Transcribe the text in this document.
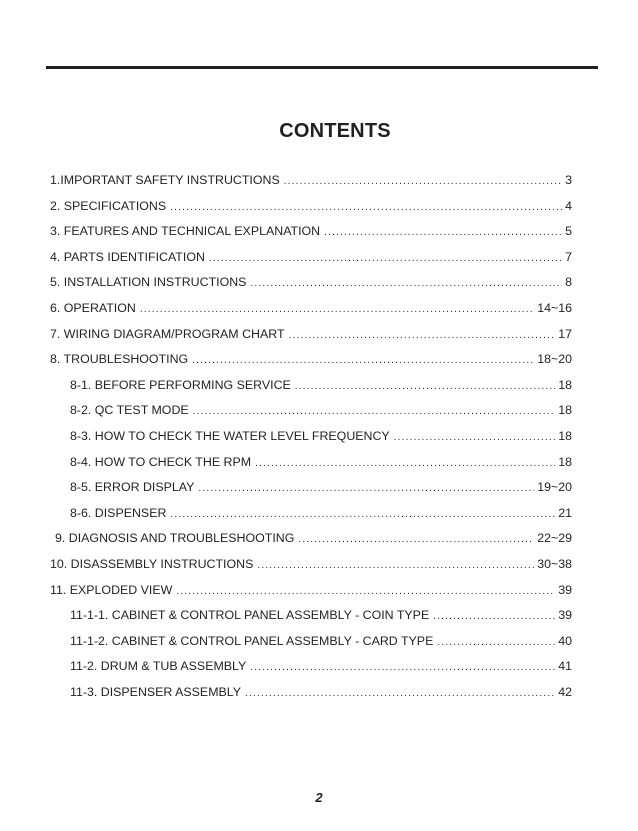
CONTENTS
1.IMPORTANT SAFETY INSTRUCTIONS .....	3
2. SPECIFICATIONS .....	4
3. FEATURES AND TECHNICAL EXPLANATION .....	5
4. PARTS IDENTIFICATION .....	7
5. INSTALLATION INSTRUCTIONS .....	8
6. OPERATION .....	14~16
7. WIRING DIAGRAM/PROGRAM CHART .....	17
8. TROUBLESHOOTING .....	18~20
8-1. BEFORE PERFORMING SERVICE .....	18
8-2. QC TEST MODE .....	18
8-3. HOW TO CHECK THE WATER LEVEL FREQUENCY .....	18
8-4. HOW TO CHECK THE RPM .....	18
8-5. ERROR DISPLAY .....	19~20
8-6. DISPENSER .....	21
9. DIAGNOSIS AND TROUBLESHOOTING .....	22~29
10. DISASSEMBLY INSTRUCTIONS .....	30~38
11. EXPLODED VIEW .....	39
11-1-1. CABINET & CONTROL PANEL ASSEMBLY - COIN TYPE .....	39
11-1-2. CABINET & CONTROL PANEL ASSEMBLY - CARD TYPE .....	40
11-2. DRUM & TUB ASSEMBLY .....	41
11-3. DISPENSER ASSEMBLY .....	42
2
